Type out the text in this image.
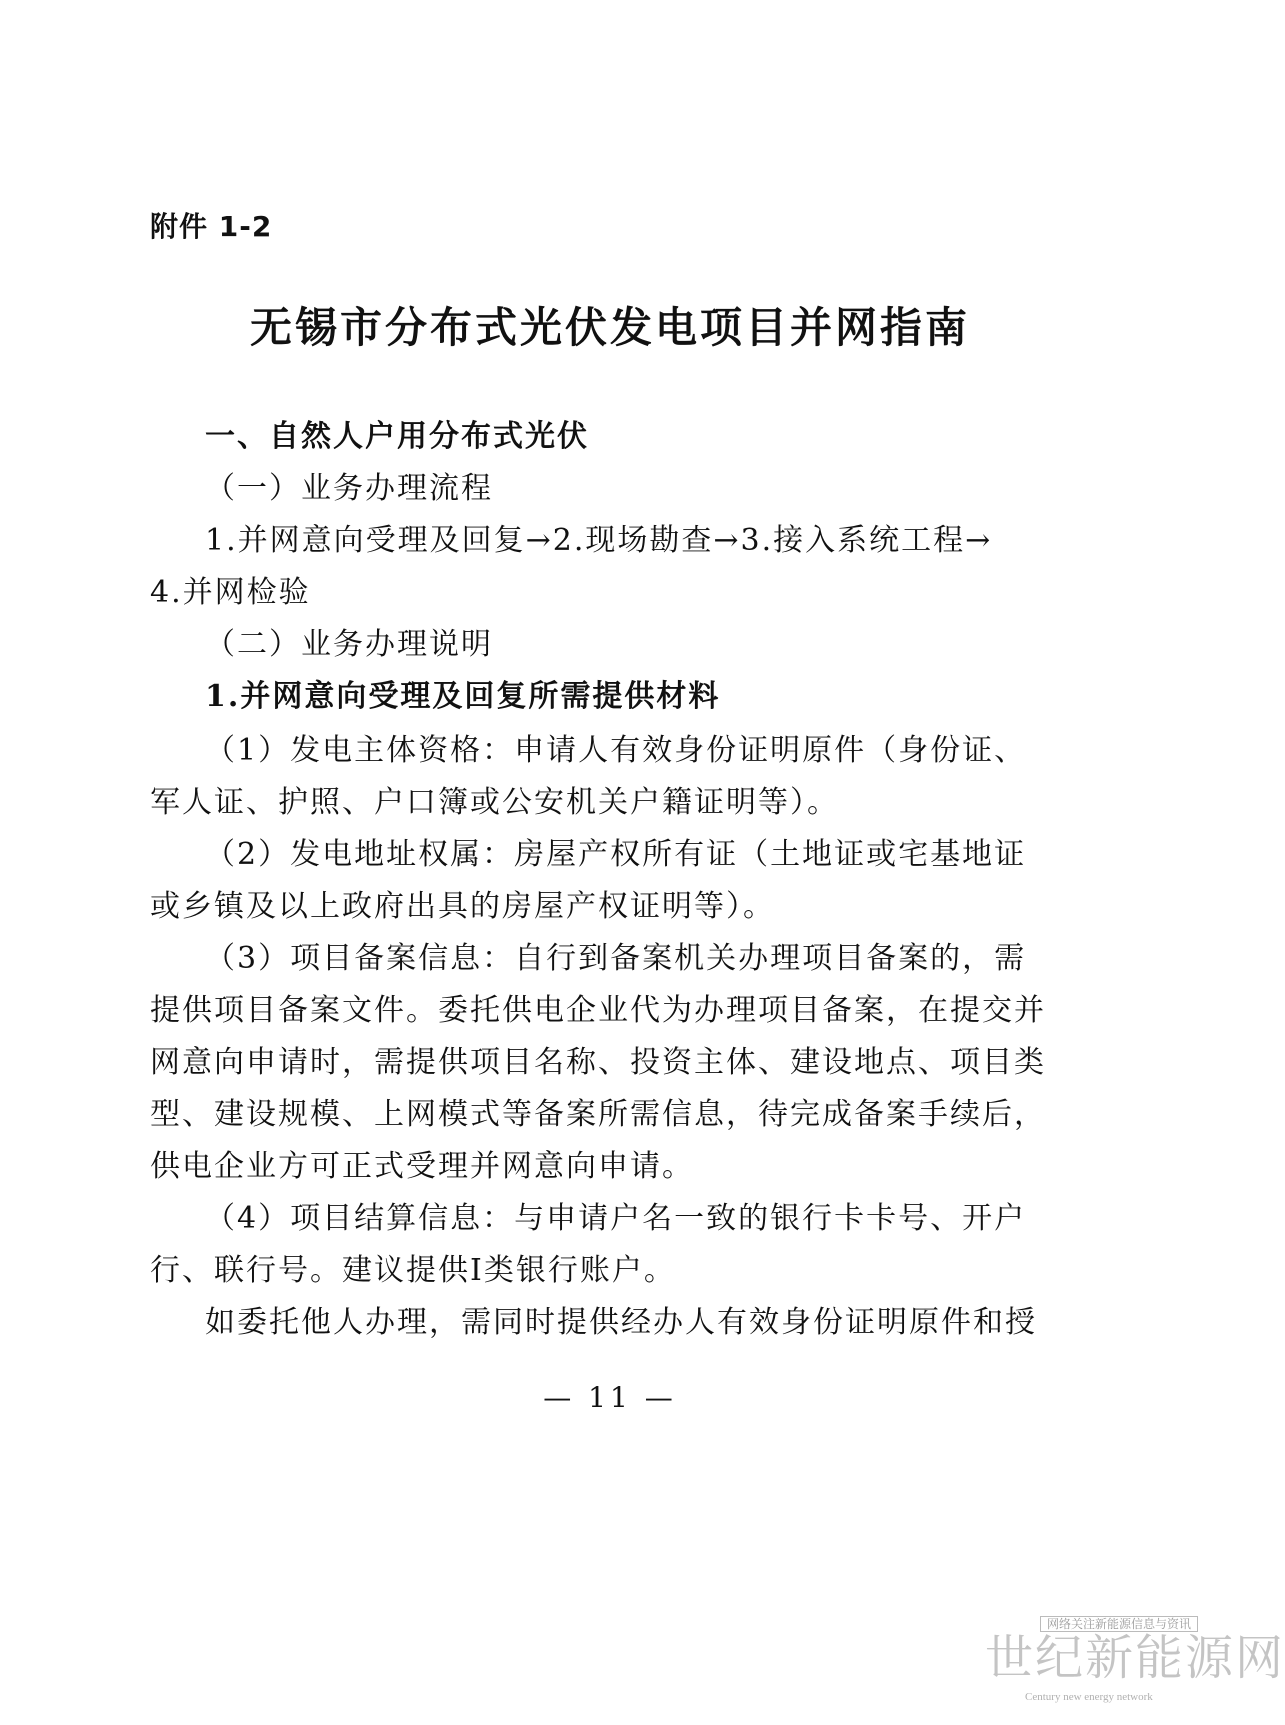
附件 1-2
无锡市分布式光伏发电项目并网指南
一、自然人户用分布式光伏
（一）业务办理流程
1.并网意向受理及回复→2.现场勘查→3.接入系统工程→
4.并网检验
（二）业务办理说明
1.并网意向受理及回复所需提供材料
（1）发电主体资格：申请人有效身份证明原件（身份证、
军人证、护照、户口簿或公安机关户籍证明等）。
（2）发电地址权属：房屋产权所有证（土地证或宅基地证
或乡镇及以上政府出具的房屋产权证明等）。
（3）项目备案信息：自行到备案机关办理项目备案的，需
提供项目备案文件。委托供电企业代为办理项目备案，在提交并
网意向申请时，需提供项目名称、投资主体、建设地点、项目类
型、建设规模、上网模式等备案所需信息，待完成备案手续后，
供电企业方可正式受理并网意向申请。
（4）项目结算信息：与申请户名一致的银行卡卡号、开户
行、联行号。建议提供I类银行账户。
如委托他人办理，需同时提供经办人有效身份证明原件和授
— 11 —
网络关注新能源信息与资讯
世纪新能源网
Century new energy network
